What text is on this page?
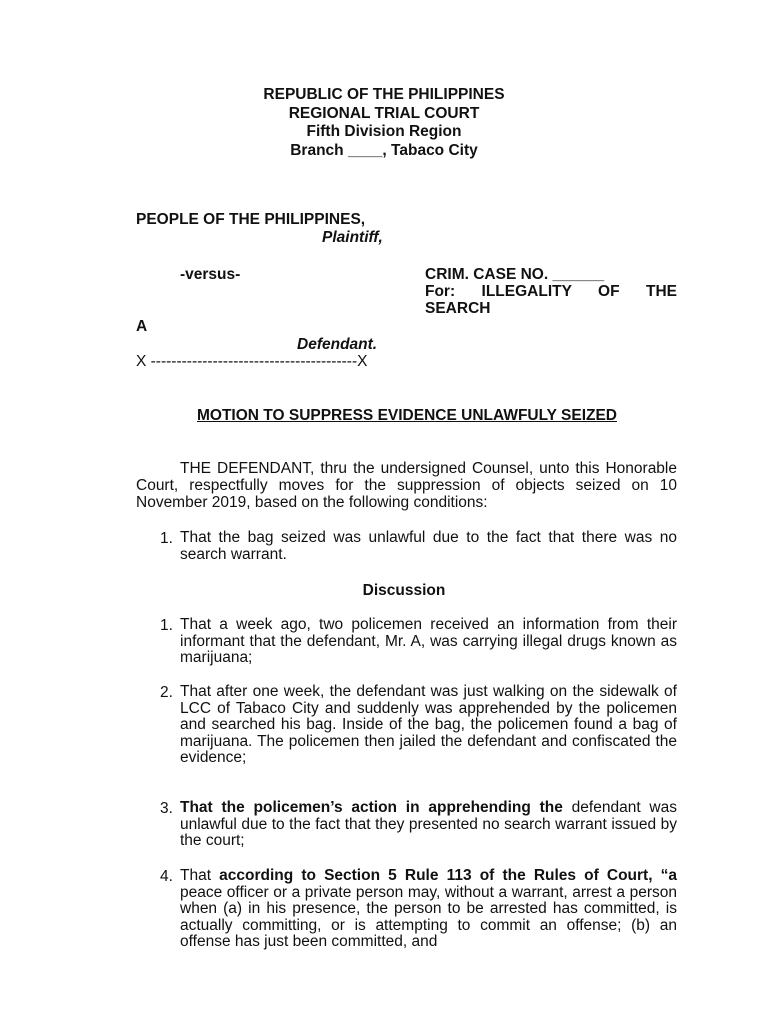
REPUBLIC OF THE PHILIPPINES
REGIONAL TRIAL COURT
Fifth Division Region
Branch ____, Tabaco City
PEOPLE OF THE PHILIPPINES,
Plaintiff,
-versus-	CRIM. CASE NO. ______
For: ILLEGALITY OF THE
SEARCH
A
Defendant.
X ----------------------------------------X
MOTION TO SUPPRESS EVIDENCE UNLAWFULY SEIZED
THE DEFENDANT, thru the undersigned Counsel, unto this Honorable Court, respectfully moves for the suppression of objects seized on 10 November 2019, based on the following conditions:
1. That the bag seized was unlawful due to the fact that there was no search warrant.
Discussion
1. That a week ago, two policemen received an information from their informant that the defendant, Mr. A, was carrying illegal drugs known as marijuana;
2. That after one week, the defendant was just walking on the sidewalk of LCC of Tabaco City and suddenly was apprehended by the policemen and searched his bag. Inside of the bag, the policemen found a bag of marijuana. The policemen then jailed the defendant and confiscated the evidence;
3. That the policemen’s action in apprehending the defendant was unlawful due to the fact that they presented no search warrant issued by the court;
4. That according to Section 5 Rule 113 of the Rules of Court, “a peace officer or a private person may, without a warrant, arrest a person when (a) in his presence, the person to be arrested has committed, is actually committing, or is attempting to commit an offense; (b) an offense has just been committed, and
